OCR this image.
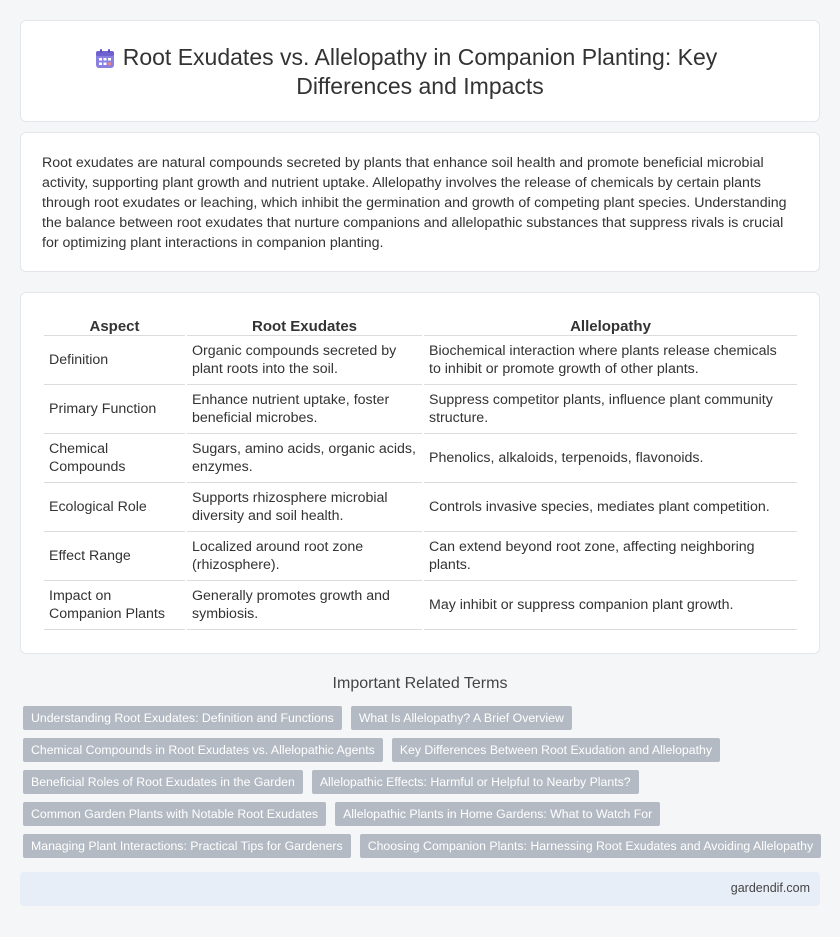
Root Exudates vs. Allelopathy in Companion Planting: Key Differences and Impacts

Root exudates are natural compounds secreted by plants that enhance soil health and promote beneficial microbial activity, supporting plant growth and nutrient uptake. Allelopathy involves the release of chemicals by certain plants through root exudates or leaching, which inhibit the germination and growth of competing plant species. Understanding the balance between root exudates that nurture companions and allelopathic substances that suppress rivals is crucial for optimizing plant interactions in companion planting.

Aspect	Root Exudates	Allelopathy
Definition	Organic compounds secreted by plant roots into the soil.	Biochemical interaction where plants release chemicals to inhibit or promote growth of other plants.
Primary Function	Enhance nutrient uptake, foster beneficial microbes.	Suppress competitor plants, influence plant community structure.
Chemical Compounds	Sugars, amino acids, organic acids, enzymes.	Phenolics, alkaloids, terpenoids, flavonoids.
Ecological Role	Supports rhizosphere microbial diversity and soil health.	Controls invasive species, mediates plant competition.
Effect Range	Localized around root zone (rhizosphere).	Can extend beyond root zone, affecting neighboring plants.
Impact on Companion Plants	Generally promotes growth and symbiosis.	May inhibit or suppress companion plant growth.
Important Related Terms
Understanding Root Exudates: Definition and Functions	What Is Allelopathy? A Brief Overview
Chemical Compounds in Root Exudates vs. Allelopathic Agents	Key Differences Between Root Exudation and Allelopathy
Beneficial Roles of Root Exudates in the Garden	Allelopathic Effects: Harmful or Helpful to Nearby Plants?
Common Garden Plants with Notable Root Exudates	Allelopathic Plants in Home Gardens: What to Watch For
Managing Plant Interactions: Practical Tips for Gardeners	Choosing Companion Plants: Harnessing Root Exudates and Avoiding Allelopathy
gardendif.com
